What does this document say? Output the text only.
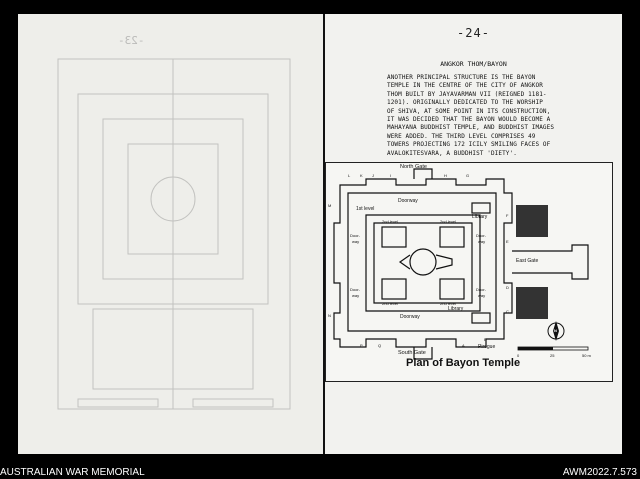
-23-
-24-
ANGKOR THOM/BAYON
ANOTHER PRINCIPAL STRUCTURE IS THE BAYON
TEMPLE IN THE CENTRE OF THE CITY OF ANGKOR
THOM BUILT BY JAYAVARMAN VII (REIGNED 1181-
1201). ORIGINALLY DEDICATED TO THE WORSHIP
OF SHIVA, AT SOME POINT IN ITS CONSTRUCTION,
IT WAS DECIDED THAT THE BAYON WOULD BECOME A
MAHAYANA BUDDHIST TEMPLE, AND BUDDHIST IMAGES
WERE ADDED. THE THIRD LEVEL COMPRISES 49
TOWERS PROJECTING 172 ICILY SMILING FACES OF
AVALOKITESVARA, A BUDDHIST 'DIETY'.
North Gate
Doorway
1st level
Library
Door-
way
Door-
way
2nd level	2nd level
2nd level	2nd level
East Gate
Door-
way
Door-
way
Library
Doorway
South Gate
Pirogue
L K J	I	H	G
M
N
F
E
D
C
P	Q	A
B
N
0	25	50 m
Plan of Bayon Temple
AUSTRALIAN WAR MEMORIAL	AWM2022.7.573
